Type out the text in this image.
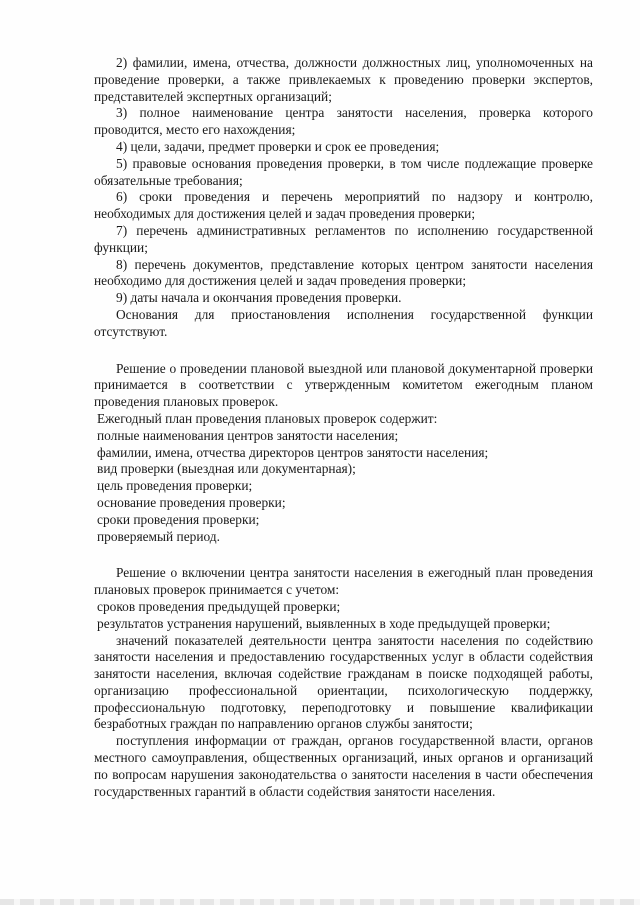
2) фамилии, имена, отчества, должности должностных лиц, уполномоченных на проведение проверки, а также привлекаемых к проведению проверки экспертов, представителей экспертных организаций;

3) полное наименование центра занятости населения, проверка которого проводится, место его нахождения;

4) цели, задачи, предмет проверки и срок ее проведения;

5) правовые основания проведения проверки, в том числе подлежащие проверке обязательные требования;

6) сроки проведения и перечень мероприятий по надзору и контролю, необходимых для достижения целей и задач проведения проверки;

7) перечень административных регламентов по исполнению государственной функции;

8) перечень документов, представление которых центром занятости населения необходимо для достижения целей и задач проведения проверки;

9) даты начала и окончания проведения проверки.

Основания для приостановления исполнения государственной функции отсутствуют.

Решение о проведении плановой выездной или плановой документарной проверки принимается в соответствии с утвержденным комитетом ежегодным планом проведения плановых проверок.

Ежегодный план проведения плановых проверок содержит:

полные наименования центров занятости населения;

фамилии, имена, отчества директоров центров занятости населения;

вид проверки (выездная или документарная);

цель проведения проверки;

основание проведения проверки;

сроки проведения проверки;

проверяемый период.

Решение о включении центра занятости населения в ежегодный план проведения плановых проверок принимается с учетом:

сроков проведения предыдущей проверки;

результатов устранения нарушений, выявленных в ходе предыдущей проверки;

значений показателей деятельности центра занятости населения по содействию занятости населения и предоставлению государственных услуг в области содействия занятости населения, включая содействие гражданам в поиске подходящей работы, организацию профессиональной ориентации, психологическую поддержку, профессиональную подготовку, переподготовку и повышение квалификации безработных граждан по направлению органов службы занятости;

поступления информации от граждан, органов государственной власти, органов местного самоуправления, общественных организаций, иных органов и организаций по вопросам нарушения законодательства о занятости населения в части обеспечения государственных гарантий в области содействия занятости населения.
